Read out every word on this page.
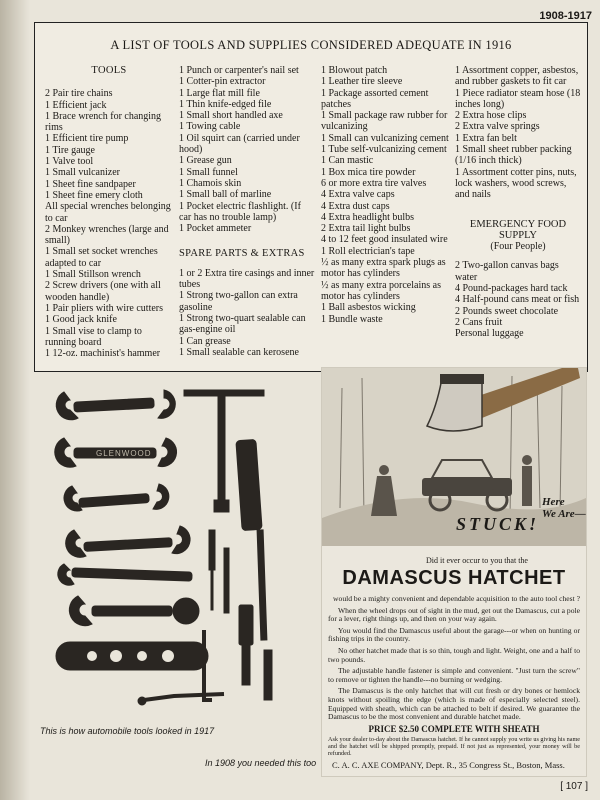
1908-1917
A LIST OF TOOLS AND SUPPLIES CONSIDERED ADEQUATE IN 1916
TOOLS
2 Pair tire chains
1 Efficient jack
1 Brace wrench for changing rims
1 Efficient tire pump
1 Tire gauge
1 Valve tool
1 Small vulcanizer
1 Sheet fine sandpaper
1 Sheet fine emery cloth
All special wrenches belonging to car
2 Monkey wrenches (large and small)
1 Small set socket wrenches adapted to car
1 Small Stillson wrench
2 Screw drivers (one with all wooden handle)
1 Pair pliers with wire cutters
1 Good jack knife
1 Small vise to clamp to running board
1 12-oz. machinist's hammer
1 Punch or carpenter's nail set
1 Cotter-pin extractor
1 Large flat mill file
1 Thin knife-edged file
1 Small short handled axe
1 Towing cable
1 Oil squirt can (carried under hood)
1 Grease gun
1 Small funnel
1 Chamois skin
1 Small ball of marline
1 Pocket electric flashlight. (If car has no trouble lamp)
1 Pocket ammeter
SPARE PARTS & EXTRAS
1 or 2 Extra tire casings and inner tubes
1 Strong two-gallon can extra gasoline
1 Strong two-quart sealable can gas-engine oil
1 Can grease
1 Small sealable can kerosene
1 Blowout patch
1 Leather tire sleeve
1 Package assorted cement patches
1 Small package raw rubber for vulcanizing
1 Small can vulcanizing cement
1 Tube self-vulcanizing cement
1 Can mastic
1 Box mica tire powder
6 or more extra tire valves
4 Extra valve caps
4 Extra dust caps
4 Extra headlight bulbs
2 Extra tail light bulbs
4 to 12 feet good insulated wire
1 Roll electrician's tape
½ as many extra spark plugs as motor has cylinders
½ as many extra porcelains as motor has cylinders
1 Ball asbestos wicking
1 Bundle waste
1 Assortment copper, asbestos, and rubber gaskets to fit car
1 Piece radiator steam hose (18 inches long)
2 Extra hose clips
2 Extra valve springs
1 Extra fan belt
1 Small sheet rubber packing (1/16 inch thick)
1 Assortment cotter pins, nuts, lock washers, wood screws, and nails
EMERGENCY FOOD SUPPLY
(Four People)
2 Two-gallon canvas bags water
4 Pound-packages hard tack
4 Half-pound cans meat or fish
2 Pounds sweet chocolate
2 Cans fruit
Personal luggage
GLENWOOD
This is how automobile tools looked in 1917
In 1908 you needed this too
Here
We Are—
STUCK!
Did it ever occur to you that the
DAMASCUS HATCHET

would be a mighty convenient and dependable acquisition to the auto tool chest ?

When the wheel drops out of sight in the mud, get out the Damascus, cut a pole for a lever, right things up, and then on your way again.

You would find the Damascus useful about the garage---or when on hunting or fishing trips in the country.

No other hatchet made that is so thin, tough and light. Weight, one and a half to two pounds.

The adjustable handle fastener is simple and convenient. "Just turn the screw" to remove or tighten the handle---no burning or wedging.

The Damascus is the only hatchet that will cut fresh or dry bones or hemlock knots without spoiling the edge (which is made of especially selected steel). Equipped with sheath, which can be attached to belt if desired. We guarantee the Damascus to be the most convenient and durable hatchet made.

PRICE $2.50 COMPLETE WITH SHEATH
Ask your dealer to-day about the Damascus hatchet. If he cannot supply you write us giving his name and the hatchet will be shipped promptly, prepaid. If not just as represented, your money will be refunded.
C. A. C. AXE COMPANY, Dept. R., 35 Congress St., Boston, Mass.
[ 107 ]
